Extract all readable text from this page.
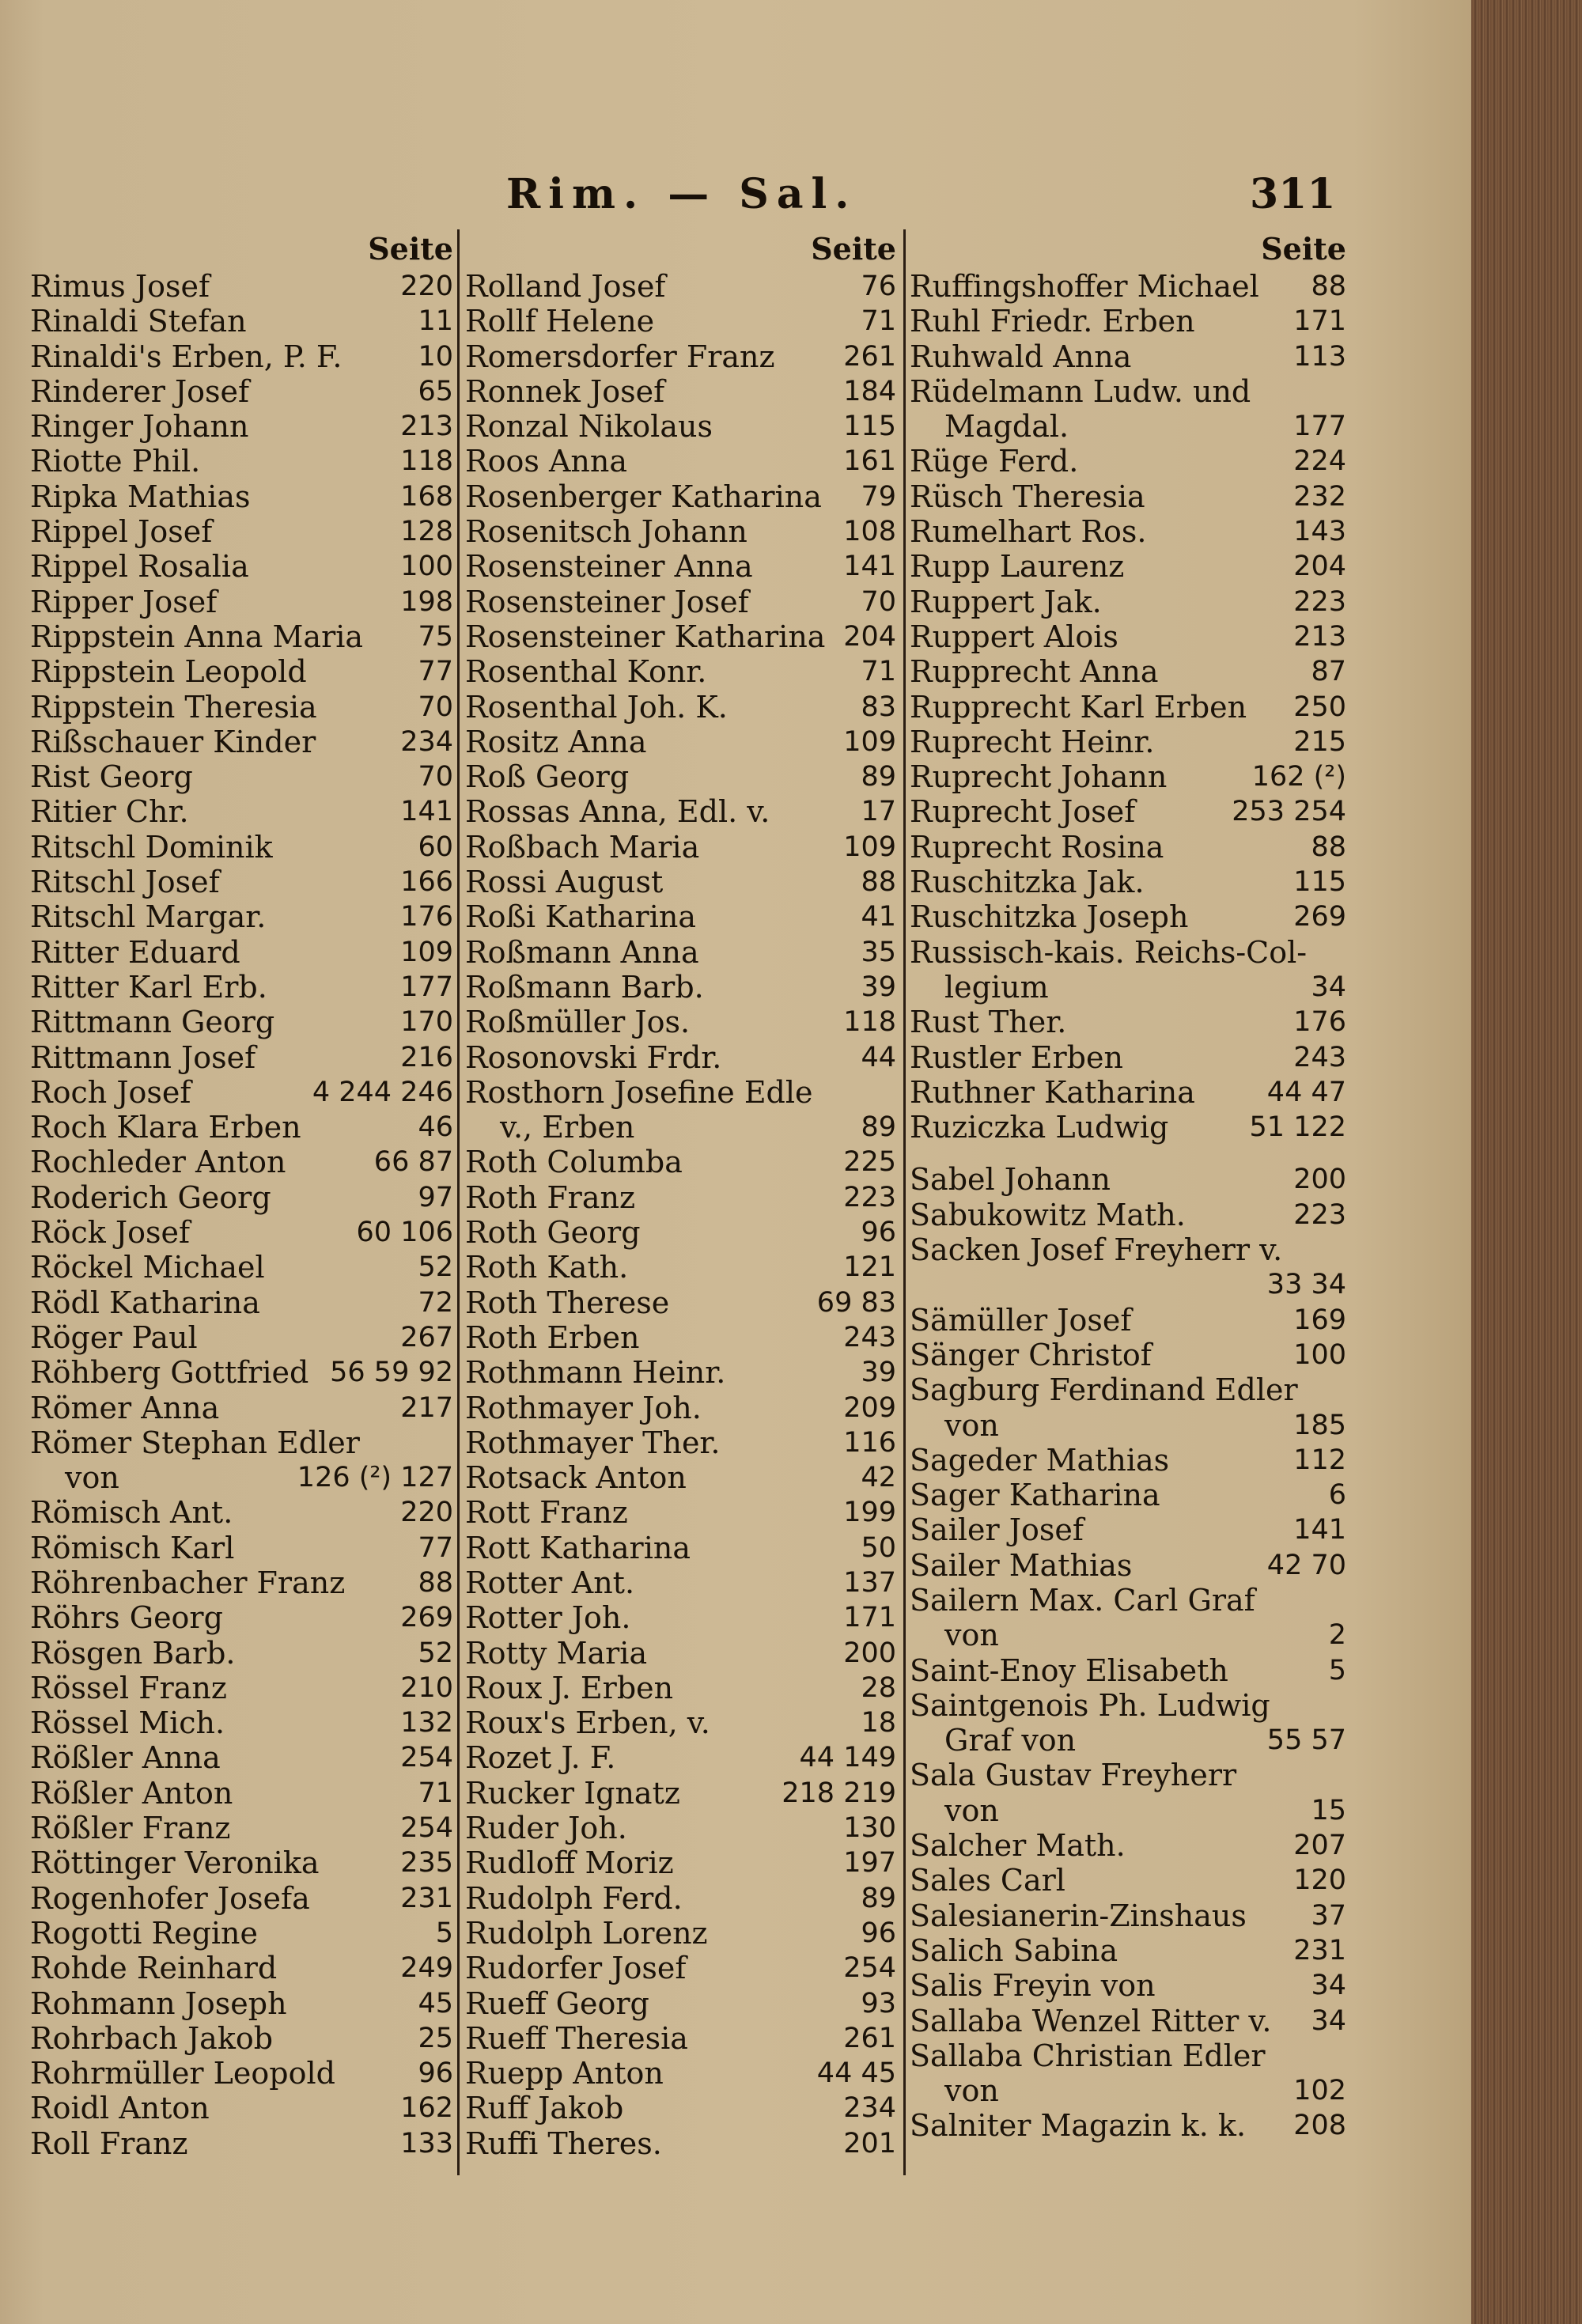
Rim. — Sal.	311
Seite
Rimus Josef	220
Rinaldi Stefan	11
Rinaldi's Erben, P. F.	10
Rinderer Josef	65
Ringer Johann	213
Riotte Phil.	118
Ripka Mathias	168
Rippel Josef	128
Rippel Rosalia	100
Ripper Josef	198
Rippstein Anna Maria 75
Rippstein Leopold	77
Rippstein Theresia	70
Rißschauer Kinder	234
Rist Georg	70
Ritier Chr.	141
Ritschl Dominik	60
Ritschl Josef	166
Ritschl Margar.	176
Ritter Eduard	109
Ritter Karl Erb.	177
Rittmann Georg	170
Rittmann Josef	216
Roch Josef	4 244 246
Roch Klara Erben	46
Rochleder Anton	66 87
Roderich Georg	97
Röck Josef	60 106
Röckel Michael	52
Rödl Katharina	72
Röger Paul	267
Röhberg Gottfried 56 59 92
Römer Anna	217
Römer Stephan Edler
von	126 (²) 127
Römisch Ant.	220
Römisch Karl	77
Röhrenbacher Franz	88
Röhrs Georg	269
Rösgen Barb.	52
Rössel Franz	210
Rössel Mich.	132
Rößler Anna	254
Rößler Anton	71
Rößler Franz	254
Röttinger Veronika	235
Rogenhofer Josefa	231
Rogotti Regine	5
Rohde Reinhard	249
Rohmann Joseph	45
Rohrbach Jakob	25
Rohrmüller Leopold	96
Roidl Anton	162
Roll Franz	133
Seite
Rolland Josef	76
Rollf Helene	71
Romersdorfer Franz 261
Ronnek Josef	184
Ronzal Nikolaus	115
Roos Anna	161
Rosenberger Katharina 79
Rosenitsch Johann	108
Rosensteiner Anna	141
Rosensteiner Josef	70
Rosensteiner Katharina 204
Rosenthal Konr.	71
Rosenthal Joh. K.	83
Rositz Anna	109
Roß Georg	89
Rossas Anna, Edl. v.	17
Roßbach Maria	109
Rossi August	88
Roßi Katharina	41
Roßmann Anna	35
Roßmann Barb.	39
Roßmüller Jos.	118
Rosonovski Frdr.	44
Rosthorn Josefine Edle
v., Erben	89
Roth Columba	225
Roth Franz	223
Roth Georg	96
Roth Kath.	121
Roth Therese	69 83
Roth Erben	243
Rothmann Heinr.	39
Rothmayer Joh.	209
Rothmayer Ther.	116
Rotsack Anton	42
Rott Franz	199
Rott Katharina	50
Rotter Ant.	137
Rotter Joh.	171
Rotty Maria	200
Roux J. Erben	28
Roux's Erben, v.	18
Rozet J. F.	44 149
Rucker Ignatz	218 219
Ruder Joh.	130
Rudloff Moriz	197
Rudolph Ferd.	89
Rudolph Lorenz	96
Rudorfer Josef	254
Rueff Georg	93
Rueff Theresia	261
Ruepp Anton	44 45
Ruff Jakob	234
Ruffi Theres.	201
Seite
Ruffingshoffer Michael 88
Ruhl Friedr. Erben	171
Ruhwald Anna	113
Rüdelmann Ludw. und
Magdal.	177
Rüge Ferd.	224
Rüsch Theresia	232
Rumelhart Ros.	143
Rupp Laurenz	204
Ruppert Jak.	223
Ruppert Alois	213
Rupprecht Anna	87
Rupprecht Karl Erben 250
Ruprecht Heinr.	215
Ruprecht Johann	162 (²)
Ruprecht Josef	253 254
Ruprecht Rosina	88
Ruschitzka Jak.	115
Ruschitzka Joseph	269
Russisch-kais. Reichs-Col-
legium	34
Rust Ther.	176
Rustler Erben	243
Ruthner Katharina	44 47
Ruziczka Ludwig	51 122
Sabel Johann	200
Sabukowitz Math.	223
Sacken Josef Freyherr v.
33 34
Sämüller Josef	169
Sänger Christof	100
Sagburg Ferdinand Edler
von	185
Sageder Mathias	112
Sager Katharina	6
Sailer Josef	141
Sailer Mathias	42 70
Sailern Max. Carl Graf
von	2
Saint-Enoy Elisabeth	5
Saintgenois Ph. Ludwig
Graf von	55 57
Sala Gustav Freyherr
von	15
Salcher Math.	207
Sales Carl	120
Salesianerin-Zinshaus 37
Salich Sabina	231
Salis Freyin von	34
Sallaba Wenzel Ritter v. 34
Sallaba Christian Edler
von	102
Salniter Magazin k. k. 208
